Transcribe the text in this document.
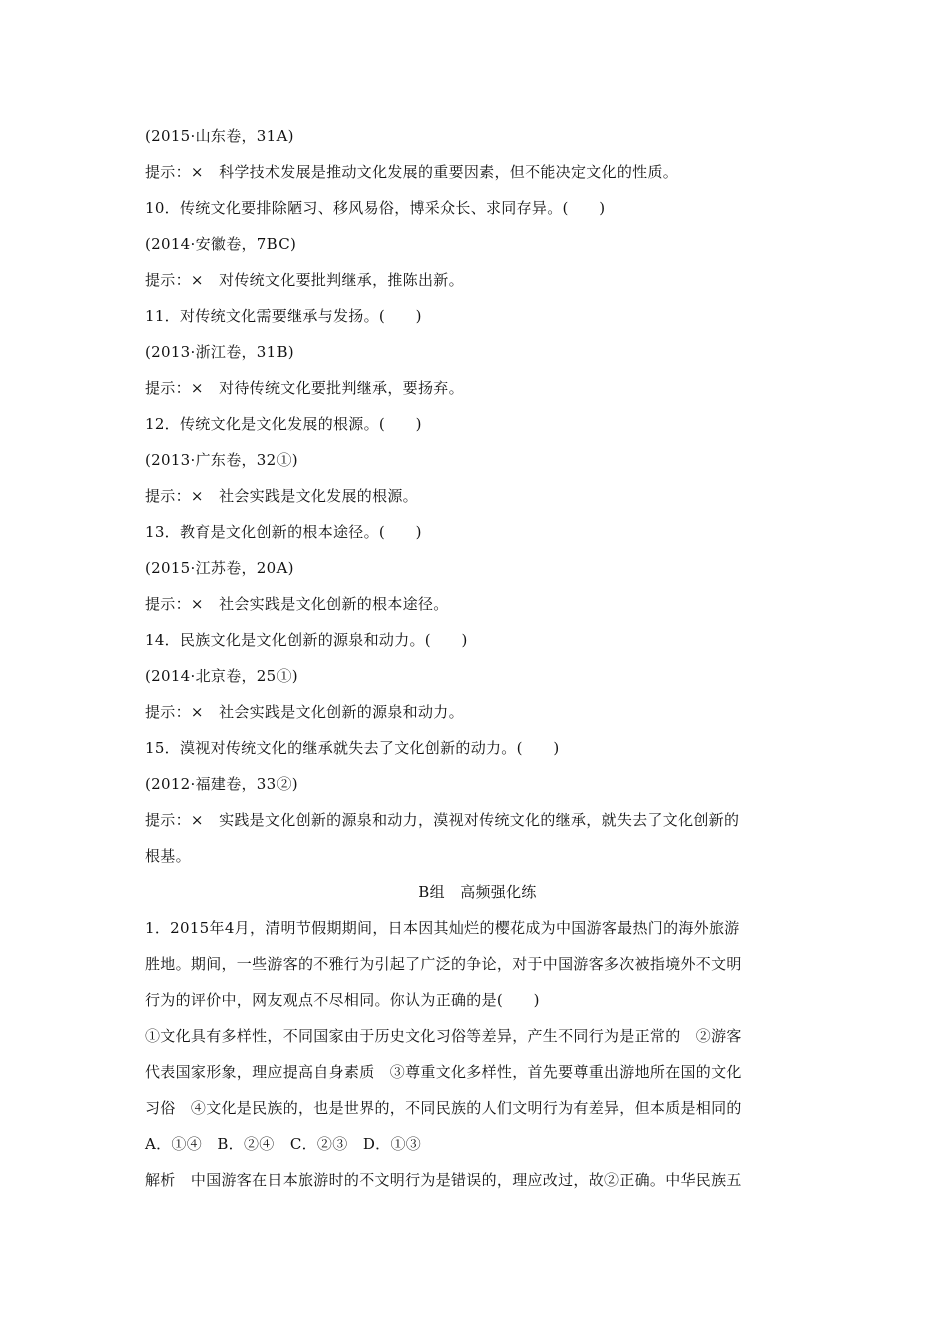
(2015·山东卷，31A)
提示：×　科学技术发展是推动文化发展的重要因素，但不能决定文化的性质。
10．传统文化要排除陋习、移风易俗，博采众长、求同存异。(　　)
(2014·安徽卷，7BC)
提示：×　对传统文化要批判继承，推陈出新。
11．对传统文化需要继承与发扬。(　　)
(2013·浙江卷，31B)
提示：×　对待传统文化要批判继承，要扬弃。
12．传统文化是文化发展的根源。(　　)
(2013·广东卷，32①)
提示：×　社会实践是文化发展的根源。
13．教育是文化创新的根本途径。(　　)
(2015·江苏卷，20A)
提示：×　社会实践是文化创新的根本途径。
14．民族文化是文化创新的源泉和动力。(　　)
(2014·北京卷，25①)
提示：×　社会实践是文化创新的源泉和动力。
15．漠视对传统文化的继承就失去了文化创新的动力。(　　)
(2012·福建卷，33②)
提示：×　实践是文化创新的源泉和动力，漠视对传统文化的继承，就失去了文化创新的
根基。
B组　高频强化练
1．2015年4月，清明节假期期间，日本因其灿烂的樱花成为中国游客最热门的海外旅游
胜地。期间，一些游客的不雅行为引起了广泛的争论，对于中国游客多次被指境外不文明
行为的评价中，网友观点不尽相同。你认为正确的是(　　)
①文化具有多样性，不同国家由于历史文化习俗等差异，产生不同行为是正常的　②游客
代表国家形象，理应提高自身素质　③尊重文化多样性，首先要尊重出游地所在国的文化
习俗　④文化是民族的，也是世界的，不同民族的人们文明行为有差异，但本质是相同的
A．①④　B．②④　C．②③　D．①③
解析　中国游客在日本旅游时的不文明行为是错误的，理应改过，故②正确。中华民族五
